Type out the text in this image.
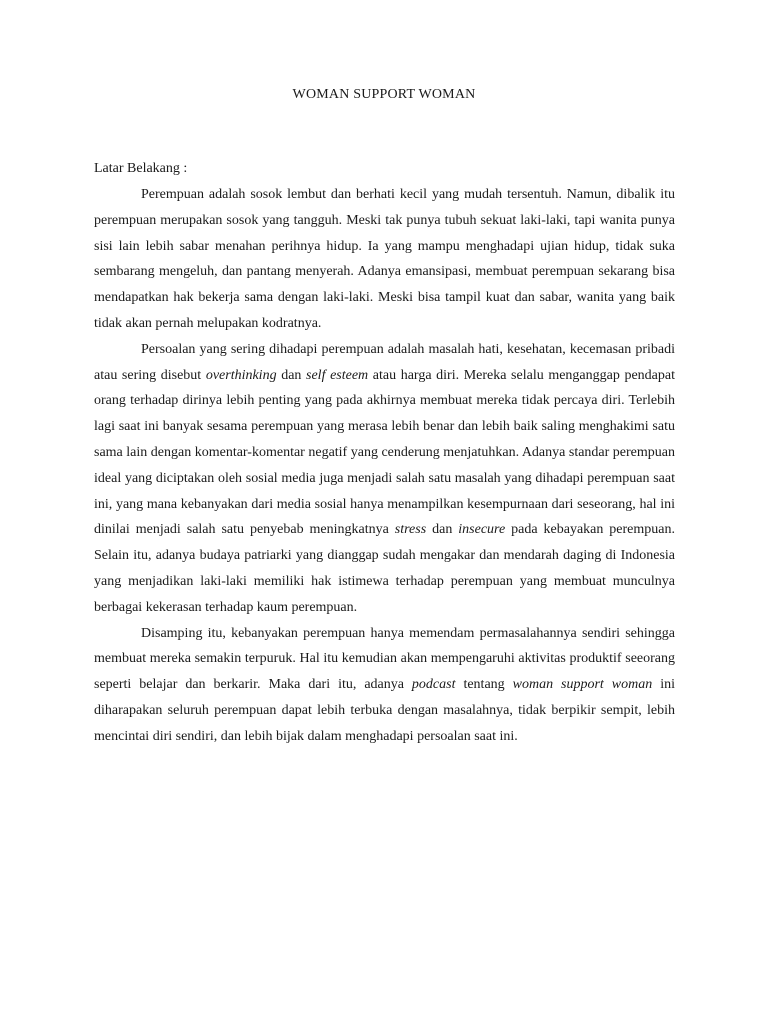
WOMAN SUPPORT WOMAN
Latar Belakang :

Perempuan adalah sosok lembut dan berhati kecil yang mudah tersentuh. Namun, dibalik itu perempuan merupakan sosok yang tangguh. Meski tak punya tubuh sekuat laki-laki, tapi wanita punya sisi lain lebih sabar menahan perihnya hidup. Ia yang mampu menghadapi ujian hidup, tidak suka sembarang mengeluh, dan pantang menyerah. Adanya emansipasi, membuat perempuan sekarang bisa mendapatkan hak bekerja sama dengan laki-laki. Meski bisa tampil kuat dan sabar, wanita yang baik tidak akan pernah melupakan kodratnya.

Persoalan yang sering dihadapi perempuan adalah masalah hati, kesehatan, kecemasan pribadi atau sering disebut overthinking dan self esteem atau harga diri. Mereka selalu menganggap pendapat orang terhadap dirinya lebih penting yang pada akhirnya membuat mereka tidak percaya diri. Terlebih lagi saat ini banyak sesama perempuan yang merasa lebih benar dan lebih baik saling menghakimi satu sama lain dengan komentar-komentar negatif yang cenderung menjatuhkan. Adanya standar perempuan ideal yang diciptakan oleh sosial media juga menjadi salah satu masalah yang dihadapi perempuan saat ini, yang mana kebanyakan dari media sosial hanya menampilkan kesempurnaan dari seseorang, hal ini dinilai menjadi salah satu penyebab meningkatnya stress dan insecure pada kebayakan perempuan. Selain itu, adanya budaya patriarki yang dianggap sudah mengakar dan mendarah daging di Indonesia yang menjadikan laki-laki memiliki hak istimewa terhadap perempuan yang membuat munculnya berbagai kekerasan terhadap kaum perempuan.

Disamping itu, kebanyakan perempuan hanya memendam permasalahannya sendiri sehingga membuat mereka semakin terpuruk. Hal itu kemudian akan mempengaruhi aktivitas produktif seeorang seperti belajar dan berkarir. Maka dari itu, adanya podcast tentang woman support woman ini diharapakan seluruh perempuan dapat lebih terbuka dengan masalahnya, tidak berpikir sempit, lebih mencintai diri sendiri, dan lebih bijak dalam menghadapi persoalan saat ini.
